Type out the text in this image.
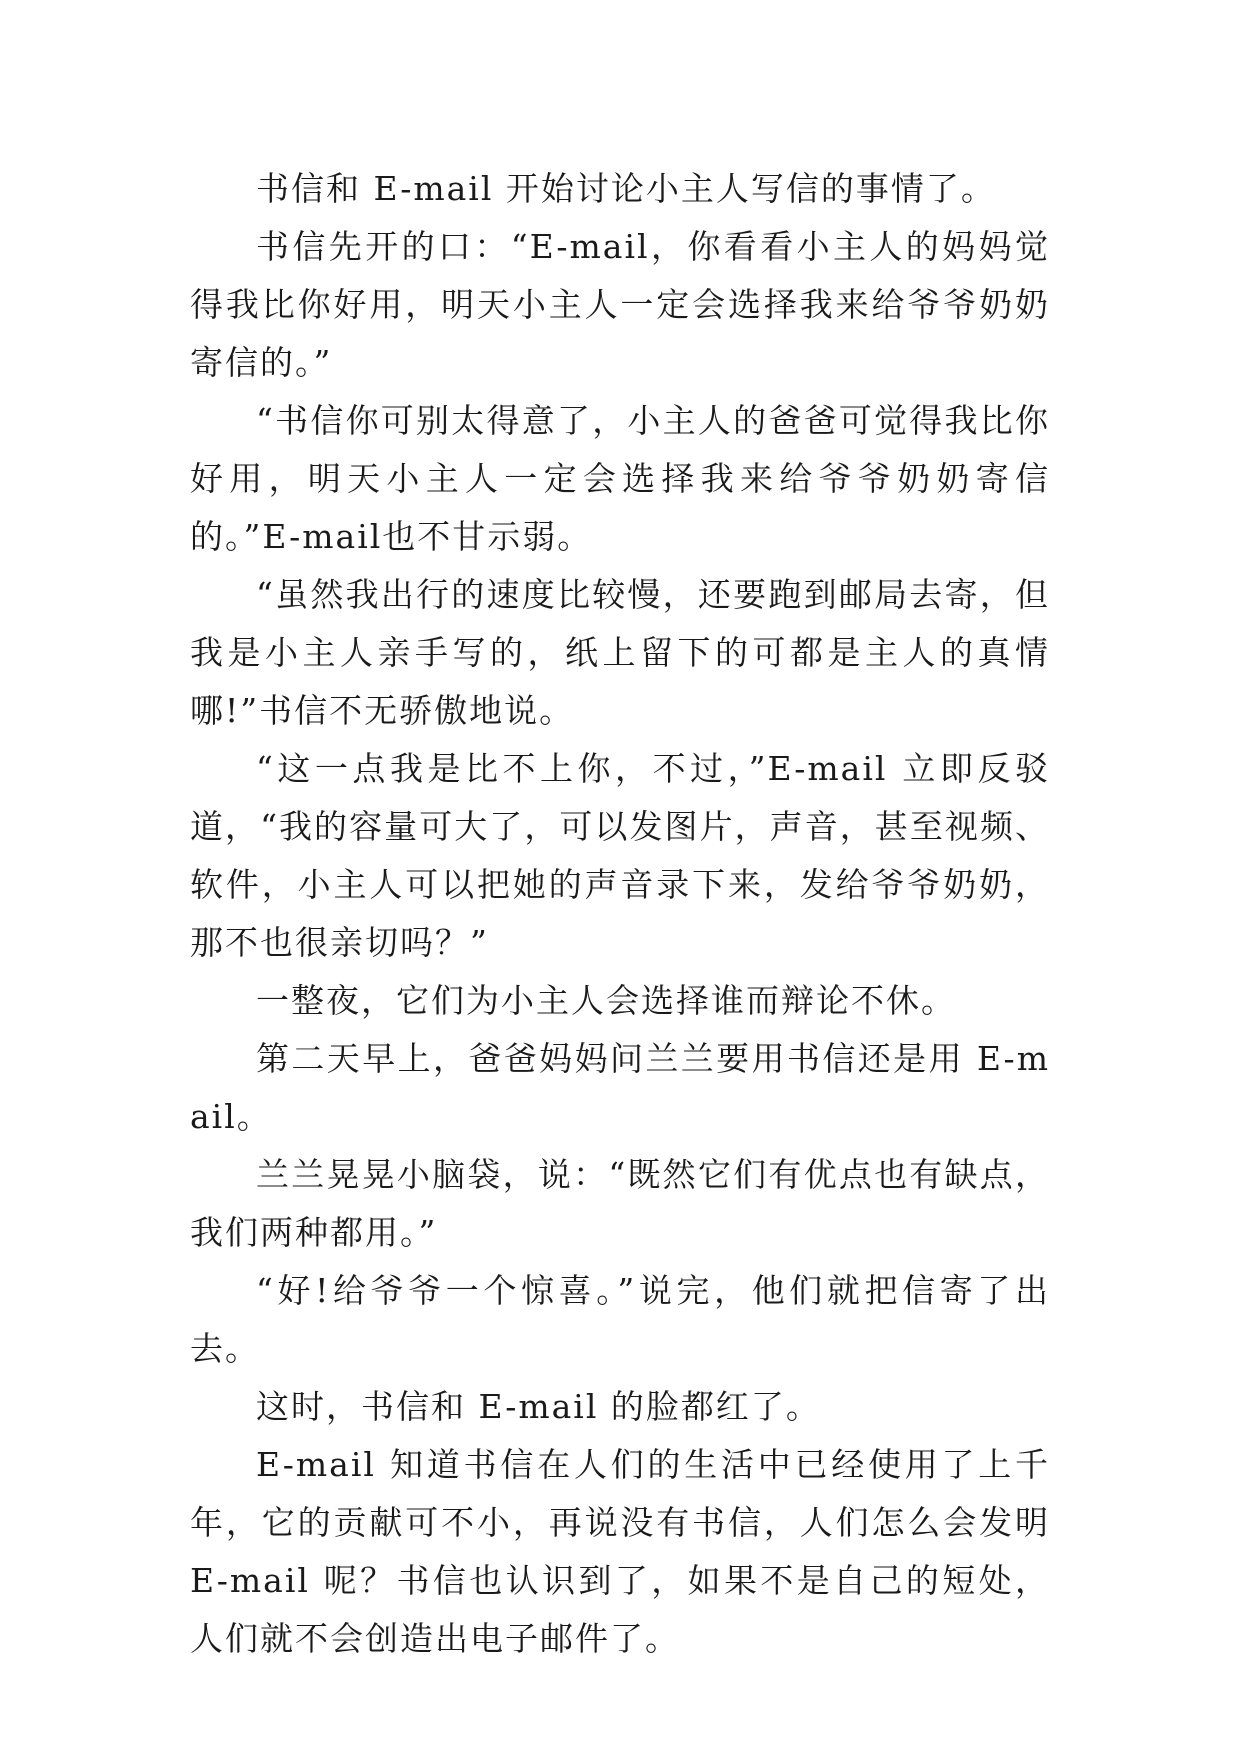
书信和 E-mail 开始讨论小主人写信的事情了。

书信先开的口：“E-mail，你看看小主人的妈妈觉得我比你好用，明天小主人一定会选择我来给爷爷奶奶寄信的。”

“书信你可别太得意了，小主人的爸爸可觉得我比你好用，明天小主人一定会选择我来给爷爷奶奶寄信的。”E-mail也不甘示弱。

“虽然我出行的速度比较慢，还要跑到邮局去寄，但我是小主人亲手写的，纸上留下的可都是主人的真情哪!”书信不无骄傲地说。

“这一点我是比不上你，不过，”E-mail 立即反驳道，“我的容量可大了，可以发图片，声音，甚至视频、软件，小主人可以把她的声音录下来，发给爷爷奶奶，那不也很亲切吗？”

一整夜，它们为小主人会选择谁而辩论不休。

第二天早上，爸爸妈妈问兰兰要用书信还是用 E-mail。

兰兰晃晃小脑袋，说：“既然它们有优点也有缺点，我们两种都用。”

“好!给爷爷一个惊喜。”说完，他们就把信寄了出去。

这时，书信和 E-mail 的脸都红了。

E-mail 知道书信在人们的生活中已经使用了上千年，它的贡献可不小，再说没有书信，人们怎么会发明 E-mail 呢？书信也认识到了，如果不是自己的短处，人们就不会创造出电子邮件了。
